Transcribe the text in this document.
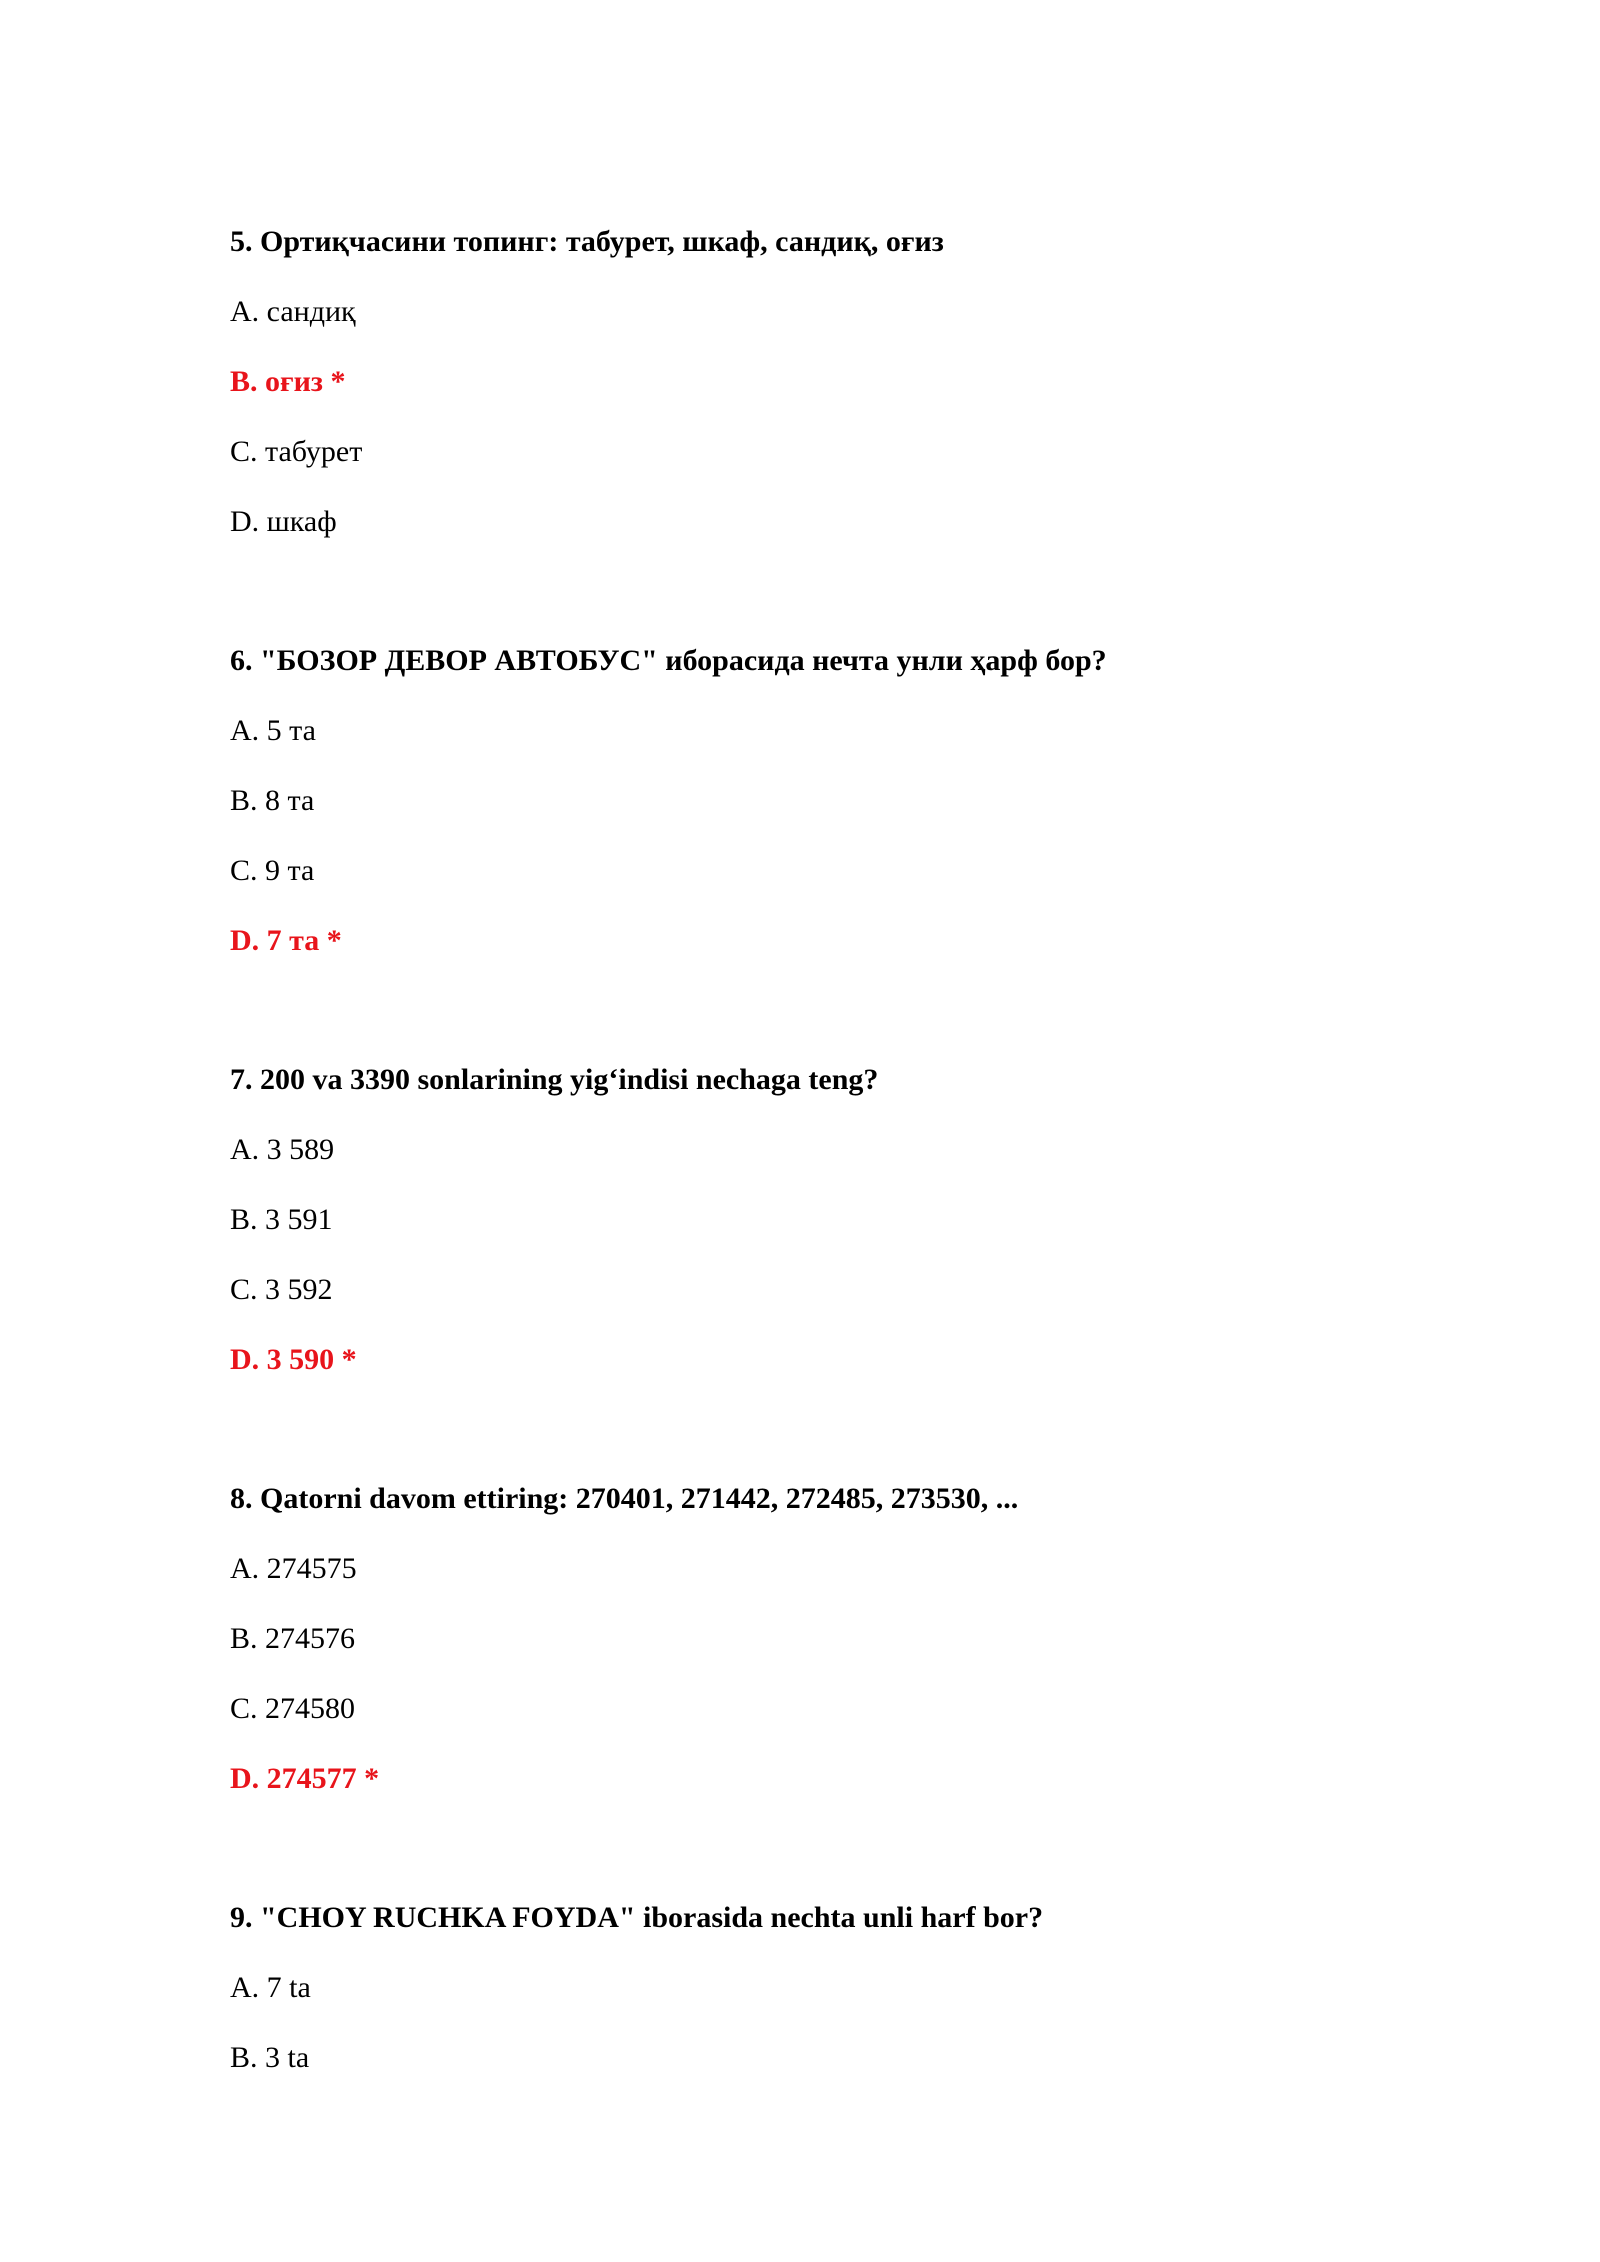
5. Ортиқчасини топинг: табурет, шкаф, сандиқ, оғиз
A. сандиқ
B. оғиз *
C. табурет
D. шкаф
6. "БОЗОР ДЕВОР АВТОБУС" иборасида нечта унли ҳарф бор?
A. 5 та
B. 8 та
C. 9 та
D. 7 та *
7. 200 va 3390 sonlarining yig‘indisi nechaga teng?
A. 3 589
B. 3 591
C. 3 592
D. 3 590 *
8. Qatorni davom ettiring: 270401, 271442, 272485, 273530, ...
A. 274575
B. 274576
C. 274580
D. 274577 *
9. "CHOY RUCHKA FOYDA" iborasida nechta unli harf bor?
A. 7 ta
B. 3 ta
